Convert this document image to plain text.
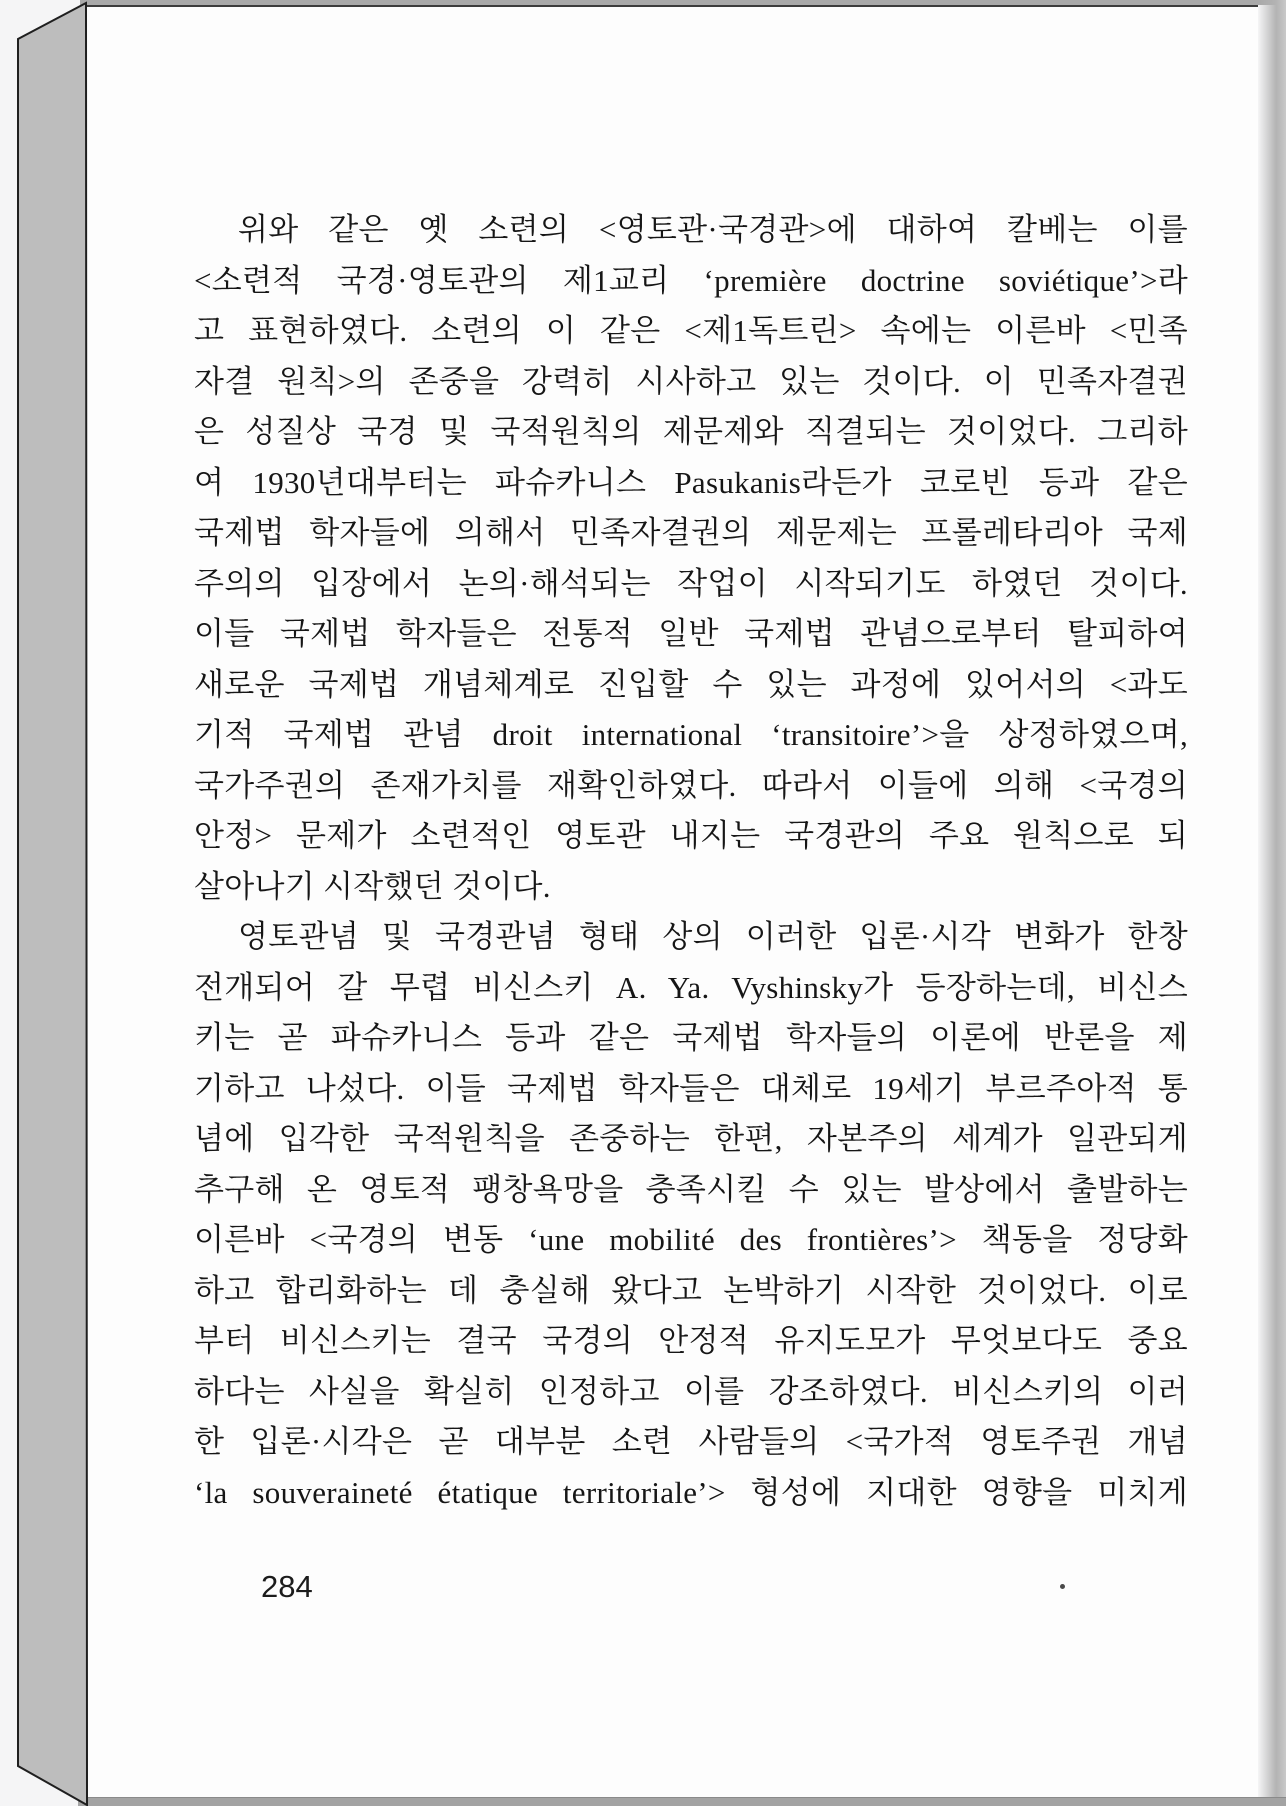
위와 같은 옛 소련의 <영토관·국경관>에 대하여 칼베는 이를
<소련적 국경·영토관의 제1교리 ‘première doctrine soviétique’>라
고 표현하였다. 소련의 이 같은 <제1독트린> 속에는 이른바 <민족
자결 원칙>의 존중을 강력히 시사하고 있는 것이다. 이 민족자결권
은 성질상 국경 및 국적원칙의 제문제와 직결되는 것이었다. 그리하
여 1930년대부터는 파슈카니스 Pasukanis라든가 코로빈 등과 같은
국제법 학자들에 의해서 민족자결권의 제문제는 프롤레타리아 국제
주의의 입장에서 논의·해석되는 작업이 시작되기도 하였던 것이다.
이들 국제법 학자들은 전통적 일반 국제법 관념으로부터 탈피하여
새로운 국제법 개념체계로 진입할 수 있는 과정에 있어서의 <과도
기적 국제법 관념 droit international ‘transitoire’>을 상정하였으며,
국가주권의 존재가치를 재확인하였다. 따라서 이들에 의해 <국경의
안정> 문제가 소련적인 영토관 내지는 국경관의 주요 원칙으로 되
살아나기 시작했던 것이다.
영토관념 및 국경관념 형태 상의 이러한 입론·시각 변화가 한창
전개되어 갈 무렵 비신스키 A. Ya. Vyshinsky가 등장하는데, 비신스
키는 곧 파슈카니스 등과 같은 국제법 학자들의 이론에 반론을 제
기하고 나섰다. 이들 국제법 학자들은 대체로 19세기 부르주아적 통
념에 입각한 국적원칙을 존중하는 한편, 자본주의 세계가 일관되게
추구해 온 영토적 팽창욕망을 충족시킬 수 있는 발상에서 출발하는
이른바 <국경의 변동 ‘une mobilité des frontières’> 책동을 정당화
하고 합리화하는 데 충실해 왔다고 논박하기 시작한 것이었다. 이로
부터 비신스키는 결국 국경의 안정적 유지도모가 무엇보다도 중요
하다는 사실을 확실히 인정하고 이를 강조하였다. 비신스키의 이러
한 입론·시각은 곧 대부분 소련 사람들의 <국가적 영토주권 개념
‘la souveraineté étatique territoriale’> 형성에 지대한 영향을 미치게
284
